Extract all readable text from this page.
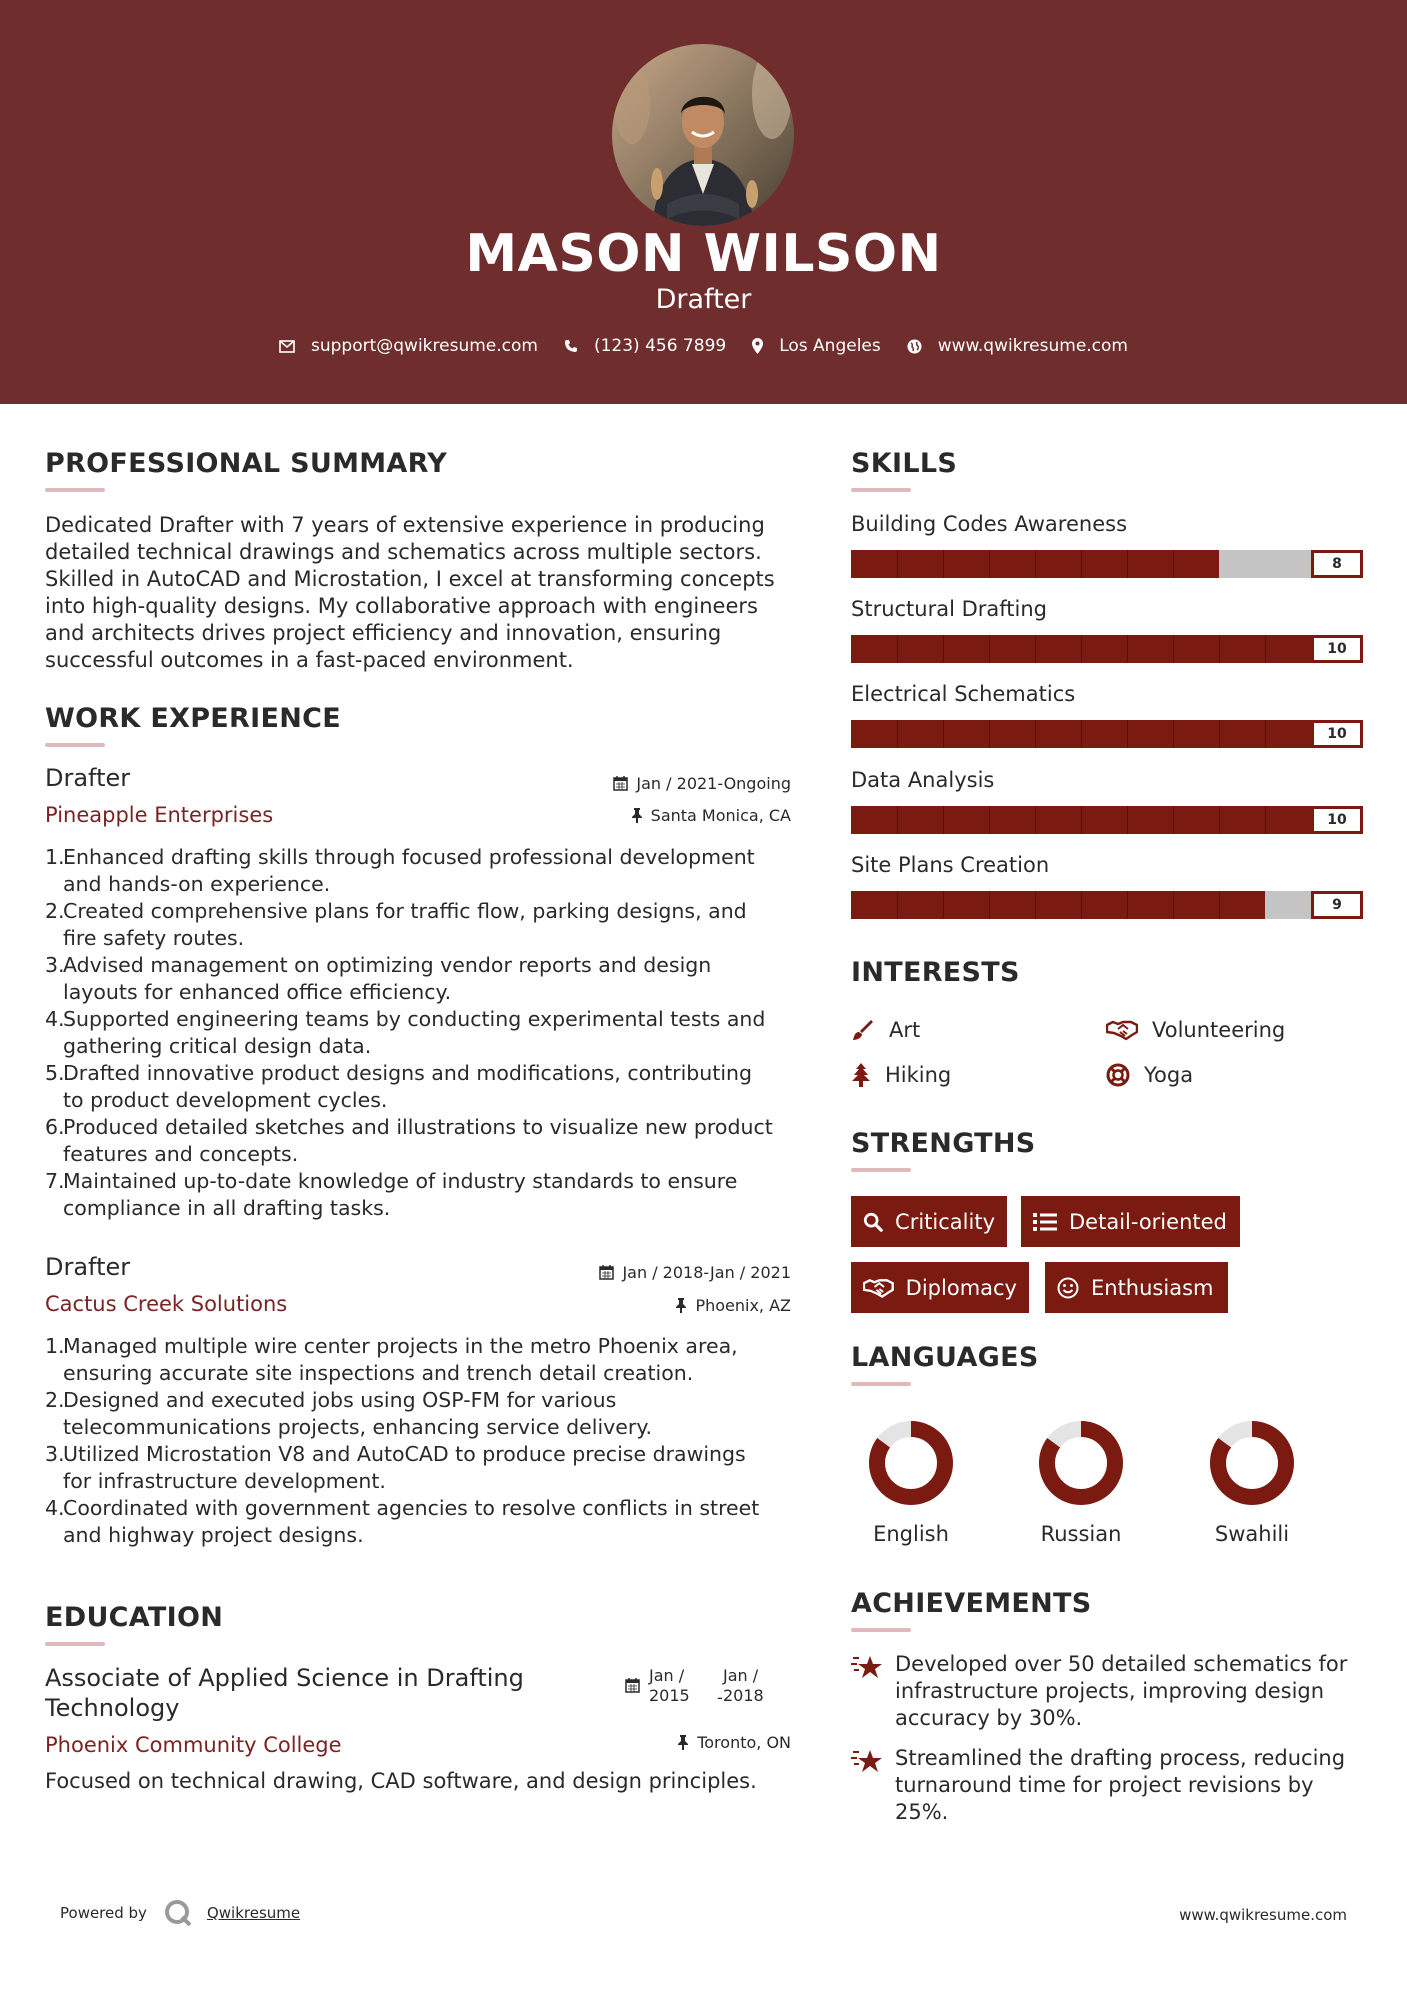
MASON WILSON
Drafter
support@qwikresume.com	(123) 456 7899	Los Angeles	www.qwikresume.com
PROFESSIONAL SUMMARY
Dedicated Drafter with 7 years of extensive experience in producing
detailed technical drawings and schematics across multiple sectors.
Skilled in AutoCAD and Microstation, I excel at transforming concepts
into high-quality designs. My collaborative approach with engineers
and architects drives project efficiency and innovation, ensuring
successful outcomes in a fast-paced environment.
WORK EXPERIENCE
Drafter
Pineapple Enterprises
Jan / 2021-Ongoing
Santa Monica, CA
1.
Enhanced drafting skills through focused professional development
and hands-on experience.
2.
Created comprehensive plans for traffic flow, parking designs, and
fire safety routes.
3.
Advised management on optimizing vendor reports and design
layouts for enhanced office efficiency.
4.
Supported engineering teams by conducting experimental tests and
gathering critical design data.
5.
Drafted innovative product designs and modifications, contributing
to product development cycles.
6.
Produced detailed sketches and illustrations to visualize new product
features and concepts.
7.
Maintained up-to-date knowledge of industry standards to ensure
compliance in all drafting tasks.
Drafter
Cactus Creek Solutions
Jan / 2018-Jan / 2021
Phoenix, AZ
1.
Managed multiple wire center projects in the metro Phoenix area,
ensuring accurate site inspections and trench detail creation.
2.
Designed and executed jobs using OSP-FM for various
telecommunications projects, enhancing service delivery.
3.
Utilized Microstation V8 and AutoCAD to produce precise drawings
for infrastructure development.
4.
Coordinated with government agencies to resolve conflicts in street
and highway project designs.
EDUCATION
Associate of Applied Science in Drafting
Technology
Phoenix Community College
Jan /
2015 -
Jan /
2018
Toronto, ON
Focused on technical drawing, CAD software, and design principles.
SKILLS
Building Codes Awareness
8
Structural Drafting
10
Electrical Schematics
10
Data Analysis
10
Site Plans Creation
9
INTERESTS
Art	Volunteering
Hiking	Yoga
STRENGTHS
Criticality	Detail-oriented
Diplomacy	Enthusiasm
LANGUAGES
English	Russian	Swahili
ACHIEVEMENTS
Developed over 50 detailed schematics for
infrastructure projects, improving design
accuracy by 30%.
Streamlined the drafting process, reducing
turnaround time for project revisions by
25%.
Powered by	Qwikresume	www.qwikresume.com
